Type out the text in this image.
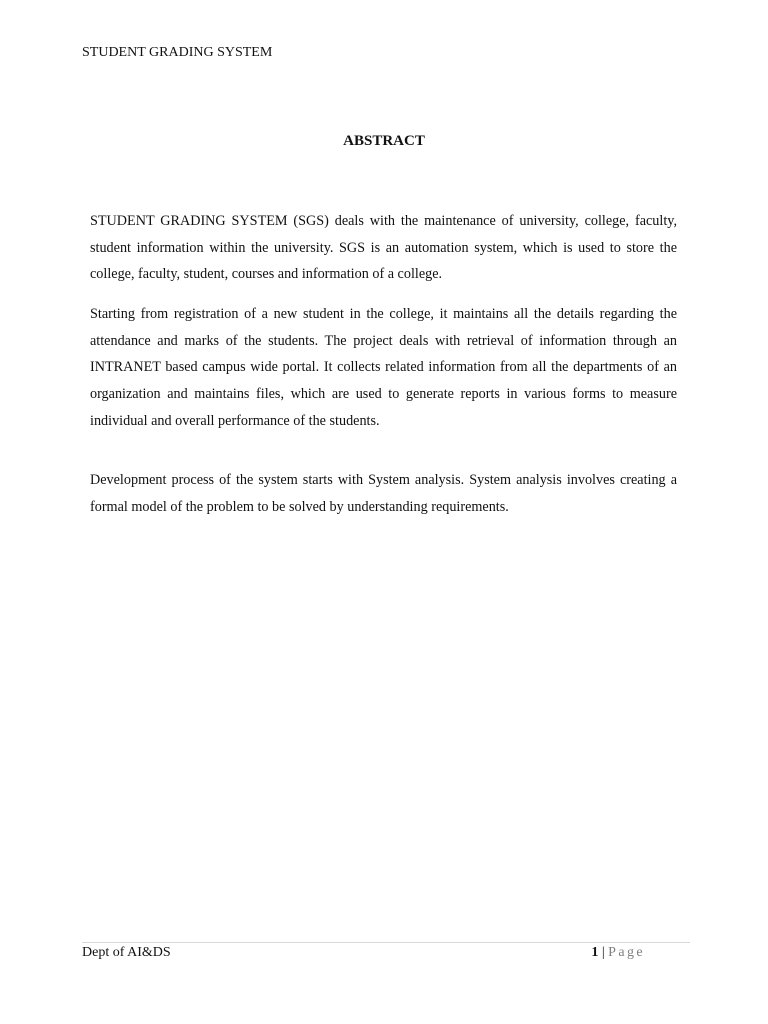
STUDENT GRADING SYSTEM
ABSTRACT

STUDENT GRADING SYSTEM (SGS) deals with the maintenance of university, college, faculty, student information within the university. SGS is an automation system, which is used to store the college, faculty, student, courses and information of a college.

Starting from registration of a new student in the college, it maintains all the details regarding the attendance and marks of the students. The project deals with retrieval of information through an INTRANET based campus wide portal. It collects related information from all the departments of an organization and maintains files, which are used to generate reports in various forms to measure individual and overall performance of the students.

Development process of the system starts with System analysis. System analysis involves creating a formal model of the problem to be solved by understanding requirements.

Dept of AI&DS	1 | Page
